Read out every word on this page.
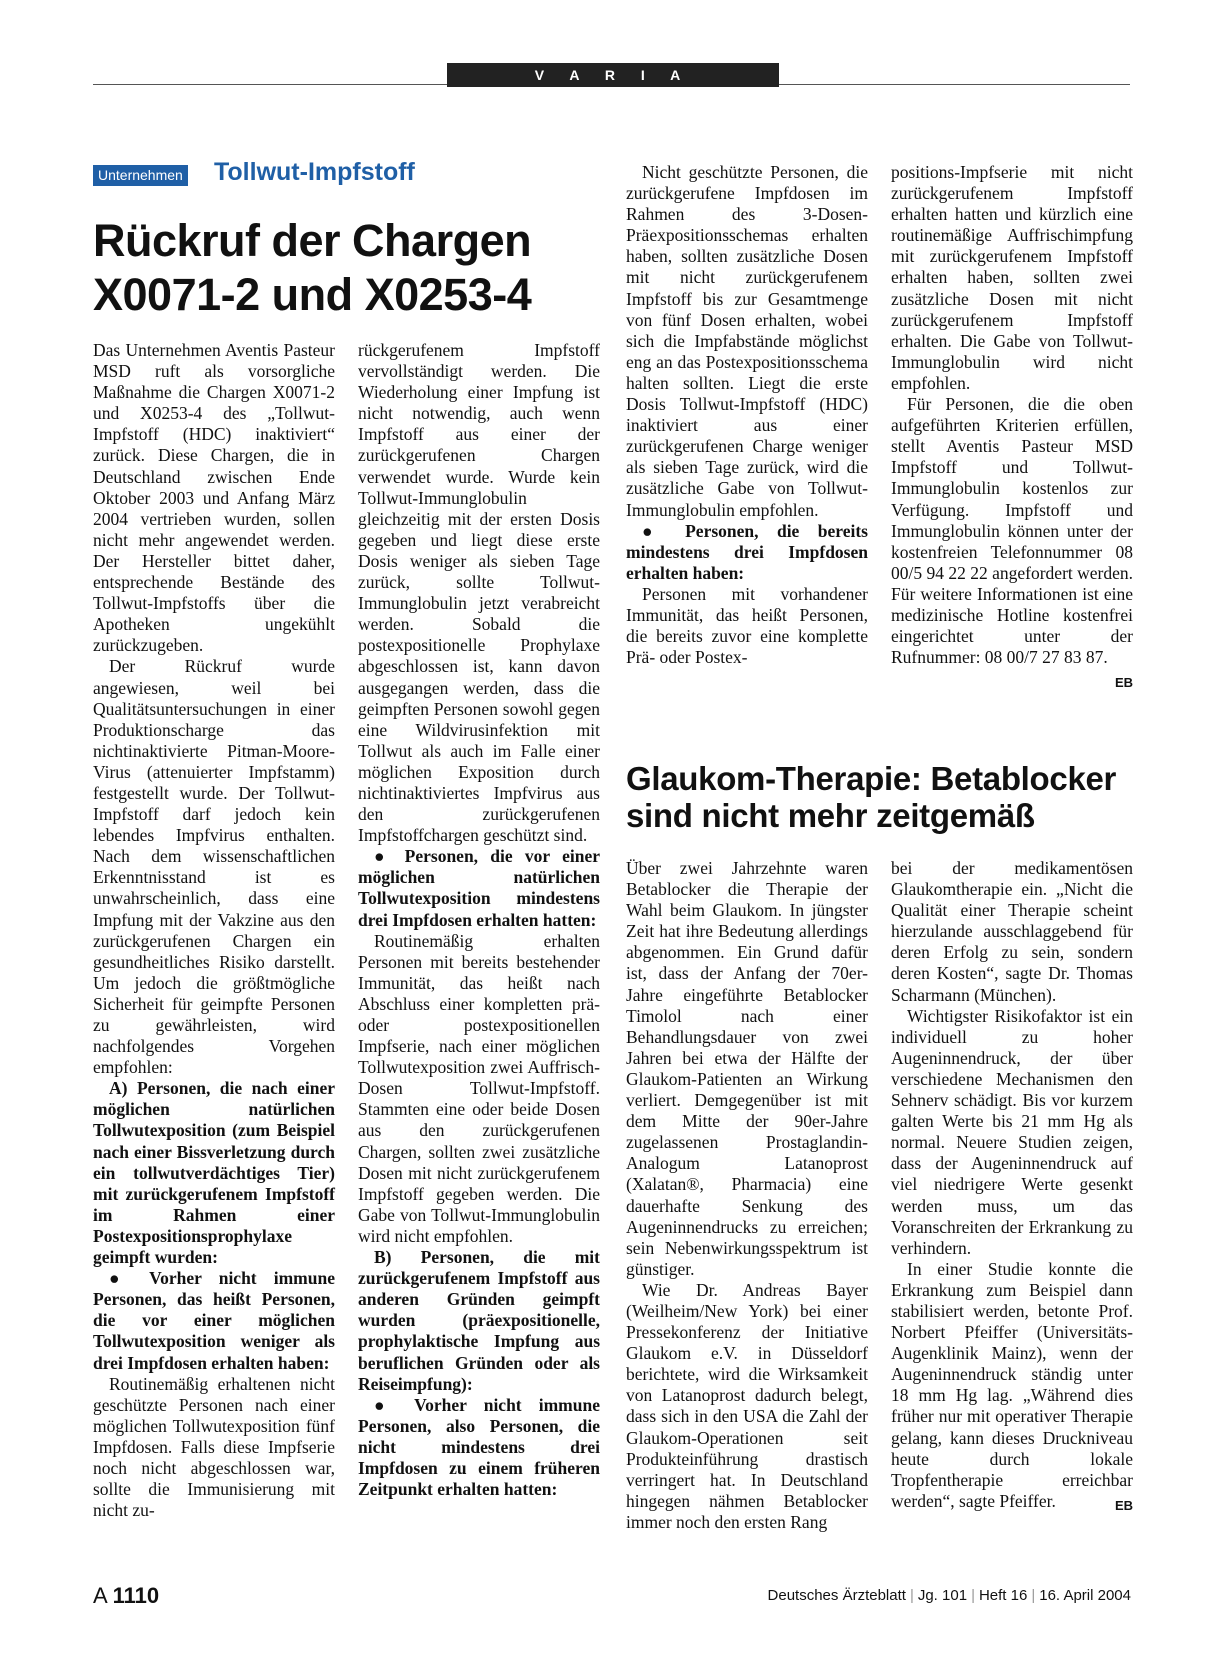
V A R I A
Unternehmen Tollwut-Impfstoff
Rückruf der Chargen
X0071-2 und X0253-4

Das Unternehmen Aventis Pasteur MSD ruft als vorsorgliche Maßnahme die Chargen X0071-2 und X0253-4 des „Tollwut-Impfstoff (HDC) inaktiviert“ zurück. Diese Chargen, die in Deutschland zwischen Ende Oktober 2003 und Anfang März 2004 vertrieben wurden, sollen nicht mehr angewendet werden. Der Hersteller bittet daher, entsprechende Bestände des Tollwut-Impfstoffs über die Apotheken ungekühlt zurückzugeben.

Der Rückruf wurde angewiesen, weil bei Qualitätsuntersuchungen in einer Produktionscharge das nichtinaktivierte Pitman-Moore-Virus (attenuierter Impfstamm) festgestellt wurde. Der Tollwut-Impfstoff darf jedoch kein lebendes Impfvirus enthalten. Nach dem wissenschaftlichen Erkenntnisstand ist es unwahrscheinlich, dass eine Impfung mit der Vakzine aus den zurückgerufenen Chargen ein gesundheitliches Risiko darstellt. Um jedoch die größtmögliche Sicherheit für geimpfte Personen zu gewährleisten, wird nachfolgendes Vorgehen empfohlen:

A) Personen, die nach einer möglichen natürlichen Tollwutexposition (zum Beispiel nach einer Bissverletzung durch ein tollwutverdächtiges Tier) mit zurückgerufenem Impfstoff im Rahmen einer Postexpositionsprophylaxe geimpft wurden:

● Vorher nicht immune Personen, das heißt Personen, die vor einer möglichen Tollwutexposition weniger als drei Impfdosen erhalten haben:

Routinemäßig erhaltenen nicht geschützte Personen nach einer möglichen Tollwutexposition fünf Impfdosen. Falls diese Impfserie noch nicht abgeschlossen war, sollte die Immunisierung mit nicht zu-

rückgerufenem Impfstoff vervollständigt werden. Die Wiederholung einer Impfung ist nicht notwendig, auch wenn Impfstoff aus einer der zurückgerufenen Chargen verwendet wurde. Wurde kein Tollwut-Immunglobulin gleichzeitig mit der ersten Dosis gegeben und liegt diese erste Dosis weniger als sieben Tage zurück, sollte Tollwut-Immunglobulin jetzt verabreicht werden. Sobald die postexpositionelle Prophylaxe abgeschlossen ist, kann davon ausgegangen werden, dass die geimpften Personen sowohl gegen eine Wildvirusinfektion mit Tollwut als auch im Falle einer möglichen Exposition durch nichtinaktiviertes Impfvirus aus den zurückgerufenen Impfstoffchargen geschützt sind.

● Personen, die vor einer möglichen natürlichen Tollwutexposition mindestens drei Impfdosen erhalten hatten:

Routinemäßig erhalten Personen mit bereits bestehender Immunität, das heißt nach Abschluss einer kompletten prä- oder postexpositionellen Impfserie, nach einer möglichen Tollwutexposition zwei Auffrisch-Dosen Tollwut-Impfstoff. Stammten eine oder beide Dosen aus den zurückgerufenen Chargen, sollten zwei zusätzliche Dosen mit nicht zurückgerufenem Impfstoff gegeben werden. Die Gabe von Tollwut-Immunglobulin wird nicht empfohlen.

B) Personen, die mit zurückgerufenem Impfstoff aus anderen Gründen geimpft wurden (präexpositionelle, prophylaktische Impfung aus beruflichen Gründen oder als Reiseimpfung):

● Vorher nicht immune Personen, also Personen, die nicht mindestens drei Impfdosen zu einem früheren Zeitpunkt erhalten hatten:

Nicht geschützte Personen, die zurückgerufene Impfdosen im Rahmen des 3-Dosen-Präexpositionsschemas erhalten haben, sollten zusätzliche Dosen mit nicht zurückgerufenem Impfstoff bis zur Gesamtmenge von fünf Dosen erhalten, wobei sich die Impfabstände möglichst eng an das Postexpositionsschema halten sollten. Liegt die erste Dosis Tollwut-Impfstoff (HDC) inaktiviert aus einer zurückgerufenen Charge weniger als sieben Tage zurück, wird die zusätzliche Gabe von Tollwut-Immunglobulin empfohlen.

● Personen, die bereits mindestens drei Impfdosen erhalten haben:

Personen mit vorhandener Immunität, das heißt Personen, die bereits zuvor eine komplette Prä- oder Postex-

positions-Impfserie mit nicht zurückgerufenem Impfstoff erhalten hatten und kürzlich eine routinemäßige Auffrischimpfung mit zurückgerufenem Impfstoff erhalten haben, sollten zwei zusätzliche Dosen mit nicht zurückgerufenem Impfstoff erhalten. Die Gabe von Tollwut-Immunglobulin wird nicht empfohlen.

Für Personen, die die oben aufgeführten Kriterien erfüllen, stellt Aventis Pasteur MSD Impfstoff und Tollwut-Immunglobulin kostenlos zur Verfügung. Impfstoff und Immunglobulin können unter der kostenfreien Telefonnummer 08 00/5 94 22 22 angefordert werden. Für weitere Informationen ist eine medizinische Hotline kostenfrei eingerichtet unter der Rufnummer: 08 00/7 27 83 87.
EB

Glaukom-Therapie: Betablocker
sind nicht mehr zeitgemäß

Über zwei Jahrzehnte waren Betablocker die Therapie der Wahl beim Glaukom. In jüngster Zeit hat ihre Bedeutung allerdings abgenommen. Ein Grund dafür ist, dass der Anfang der 70er-Jahre eingeführte Betablocker Timolol nach einer Behandlungsdauer von zwei Jahren bei etwa der Hälfte der Glaukom-Patienten an Wirkung verliert. Demgegenüber ist mit dem Mitte der 90er-Jahre zugelassenen Prostaglandin-Analogum Latanoprost (Xalatan®, Pharmacia) eine dauerhafte Senkung des Augeninnendrucks zu erreichen; sein Nebenwirkungsspektrum ist günstiger.

Wie Dr. Andreas Bayer (Weilheim/New York) bei einer Pressekonferenz der Initiative Glaukom e.V. in Düsseldorf berichtete, wird die Wirksamkeit von Latanoprost dadurch belegt, dass sich in den USA die Zahl der Glaukom-Operationen seit Produkteinführung drastisch verringert hat. In Deutschland hingegen nähmen Betablocker immer noch den ersten Rang

bei der medikamentösen Glaukomtherapie ein. „Nicht die Qualität einer Therapie scheint hierzulande ausschlaggebend für deren Erfolg zu sein, sondern deren Kosten“, sagte Dr. Thomas Scharmann (München).

Wichtigster Risikofaktor ist ein individuell zu hoher Augeninnendruck, der über verschiedene Mechanismen den Sehnerv schädigt. Bis vor kurzem galten Werte bis 21 mm Hg als normal. Neuere Studien zeigen, dass der Augeninnendruck auf viel niedrigere Werte gesenkt werden muss, um das Voranschreiten der Erkrankung zu verhindern.

In einer Studie konnte die Erkrankung zum Beispiel dann stabilisiert werden, betonte Prof. Norbert Pfeiffer (Universitäts-Augenklinik Mainz), wenn der Augeninnendruck ständig unter 18 mm Hg lag. „Während dies früher nur mit operativer Therapie gelang, kann dieses Druckniveau heute durch lokale Tropfentherapie erreichbar werden“, sagte Pfeiffer.	EB

A 1110	Deutsches Ärzteblatt | Jg. 101 | Heft 16 | 16. April 2004
